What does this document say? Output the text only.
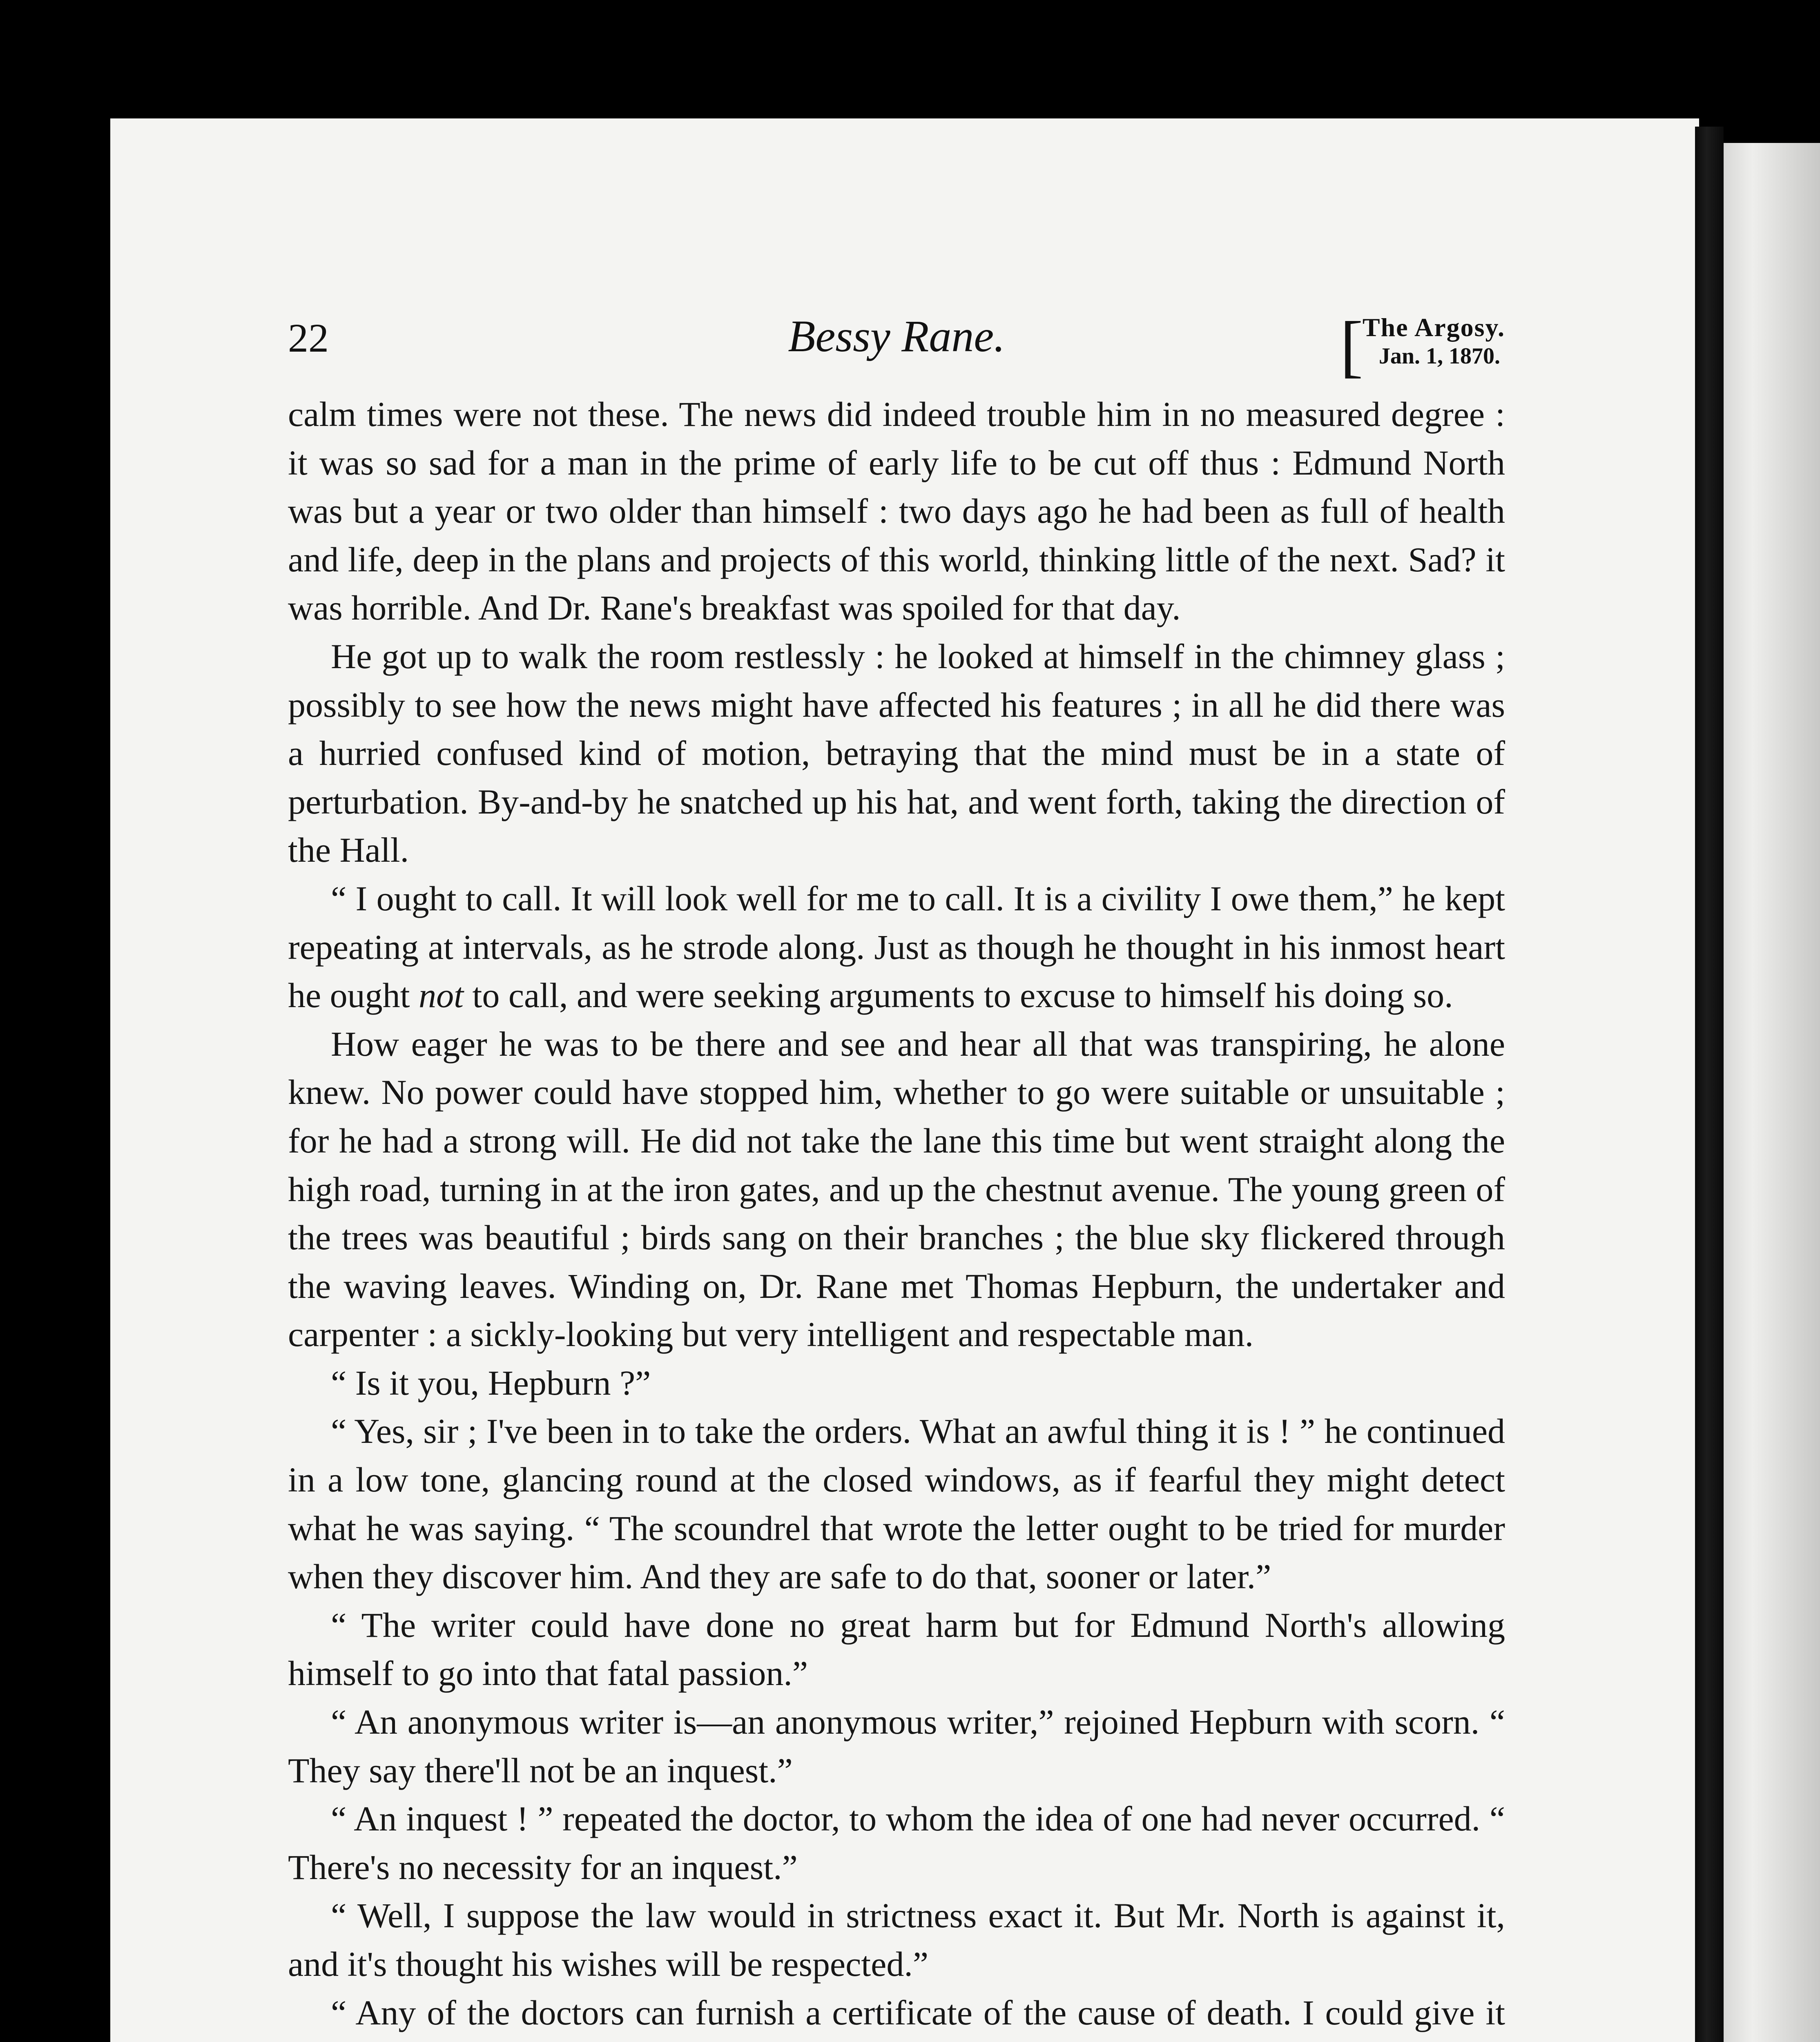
22	Bessy Rane.	[
The Argosy.
Jan. 1, 1870.

calm times were not these. The news did indeed trouble him in no measured degree : it was so sad for a man in the prime of early life to be cut off thus : Edmund North was but a year or two older than himself : two days ago he had been as full of health and life, deep in the plans and projects of this world, thinking little of the next. Sad? it was horrible. And Dr. Rane's breakfast was spoiled for that day.

He got up to walk the room restlessly : he looked at himself in the chimney glass ; possibly to see how the news might have affected his features ; in all he did there was a hurried confused kind of motion, betraying that the mind must be in a state of perturbation. By-and-by he snatched up his hat, and went forth, taking the direction of the Hall.

“ I ought to call. It will look well for me to call. It is a civility I owe them,” he kept repeating at intervals, as he strode along. Just as though he thought in his inmost heart he ought not to call, and were seeking arguments to excuse to himself his doing so.

How eager he was to be there and see and hear all that was transpiring, he alone knew. No power could have stopped him, whether to go were suitable or unsuitable ; for he had a strong will. He did not take the lane this time but went straight along the high road, turning in at the iron gates, and up the chestnut avenue. The young green of the trees was beautiful ; birds sang on their branches ; the blue sky flickered through the waving leaves. Winding on, Dr. Rane met Thomas Hepburn, the undertaker and carpenter : a sickly-looking but very intelligent and respectable man.

“ Is it you, Hepburn ?”

“ Yes, sir ; I've been in to take the orders. What an awful thing it is ! ” he continued in a low tone, glancing round at the closed windows, as if fearful they might detect what he was saying. “ The scoundrel that wrote the letter ought to be tried for murder when they discover him. And they are safe to do that, sooner or later.”

“ The writer could have done no great harm but for Edmund North's allowing himself to go into that fatal passion.”

“ An anonymous writer is—an anonymous writer,” rejoined Hepburn with scorn. “ They say there'll not be an inquest.”

“ An inquest ! ” repeated the doctor, to whom the idea of one had never occurred. “ There's no necessity for an inquest.”

“ Well, I suppose the law would in strictness exact it. But Mr. North is against it, and it's thought his wishes will be respected.”

“ Any of the doctors can furnish a certificate of the cause of death. I could give it
